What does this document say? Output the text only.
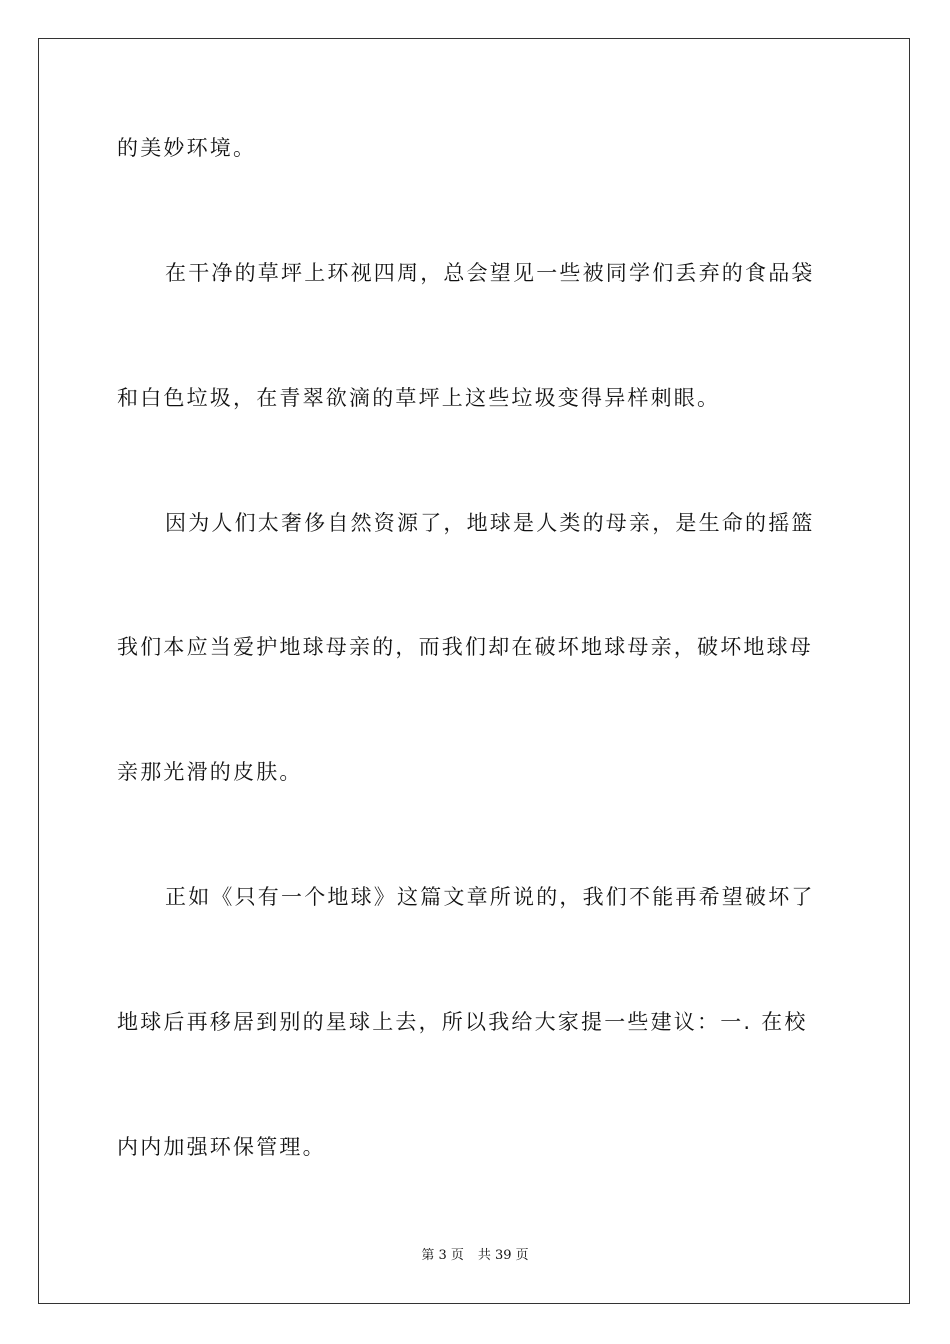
的美妙环境。
在干净的草坪上环视四周，总会望见一些被同学们丢弃的食品袋
和白色垃圾，在青翠欲滴的草坪上这些垃圾变得异样刺眼。
因为人们太奢侈自然资源了，地球是人类的母亲，是生命的摇篮
我们本应当爱护地球母亲的，而我们却在破坏地球母亲，破坏地球母
亲那光滑的皮肤。
正如《只有一个地球》这篇文章所说的，我们不能再希望破坏了
地球后再移居到别的星球上去，所以我给大家提一些建议：一. 在校
内内加强环保管理。
第 3 页 共 39 页
